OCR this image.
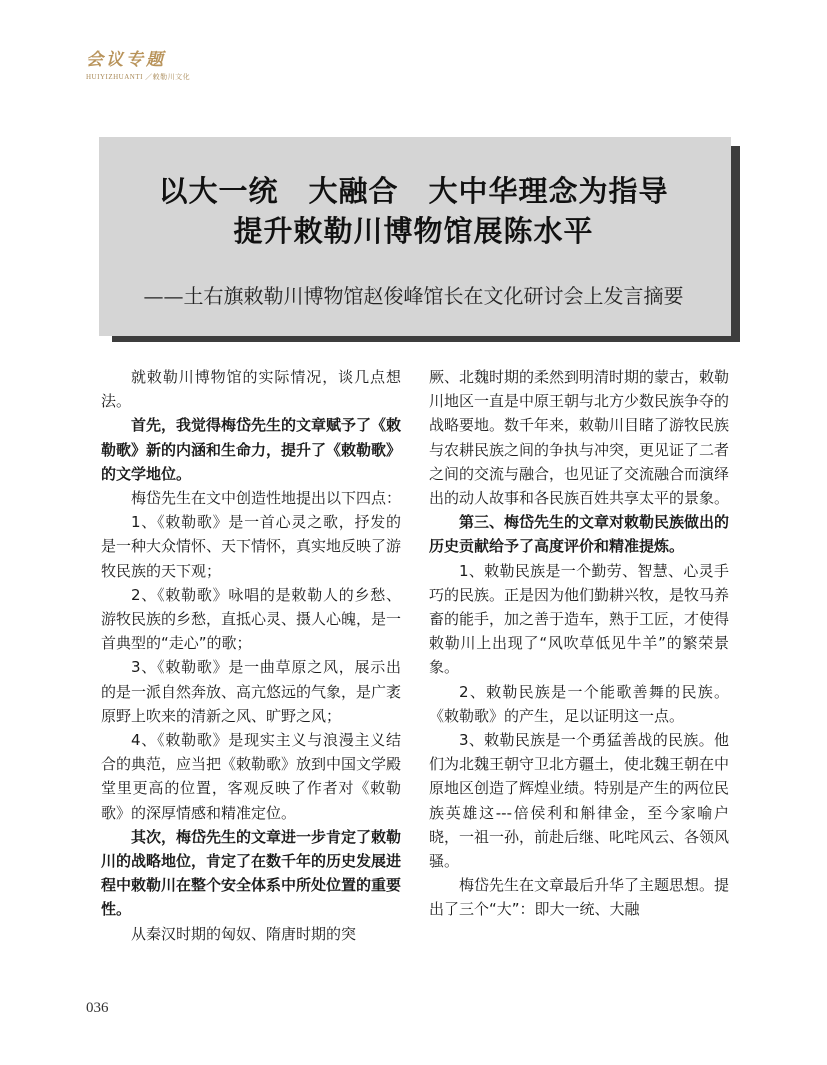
会议专题
HUIYIZHUANTI ／敕勒川文化
以大一统　大融合　大中华理念为指导
提升敕勒川博物馆展陈水平
——土右旗敕勒川博物馆赵俊峰馆长在文化研讨会上发言摘要

就敕勒川博物馆的实际情况，谈几点想法。

首先，我觉得梅岱先生的文章赋予了《敕勒歌》新的内涵和生命力，提升了《敕勒歌》的文学地位。

梅岱先生在文中创造性地提出以下四点：

1、《敕勒歌》是一首心灵之歌，抒发的是一种大众情怀、天下情怀，真实地反映了游牧民族的天下观；

2、《敕勒歌》咏唱的是敕勒人的乡愁、游牧民族的乡愁，直抵心灵、摄人心魄，是一首典型的“走心”的歌；

3、《敕勒歌》是一曲草原之风，展示出的是一派自然奔放、高亢悠远的气象，是广袤原野上吹来的清新之风、旷野之风；

4、《敕勒歌》是现实主义与浪漫主义结合的典范，应当把《敕勒歌》放到中国文学殿堂里更高的位置，客观反映了作者对《敕勒歌》的深厚情感和精准定位。

其次，梅岱先生的文章进一步肯定了敕勒川的战略地位，肯定了在数千年的历史发展进程中敕勒川在整个安全体系中所处位置的重要性。

从秦汉时期的匈奴、隋唐时期的突

厥、北魏时期的柔然到明清时期的蒙古，敕勒川地区一直是中原王朝与北方少数民族争夺的战略要地。数千年来，敕勒川目睹了游牧民族与农耕民族之间的争执与冲突，更见证了二者之间的交流与融合，也见证了交流融合而演绎出的动人故事和各民族百姓共享太平的景象。

第三、梅岱先生的文章对敕勒民族做出的历史贡献给予了高度评价和精准提炼。

1、敕勒民族是一个勤劳、智慧、心灵手巧的民族。正是因为他们勤耕兴牧，是牧马养畜的能手，加之善于造车，熟于工匠，才使得敕勒川上出现了“风吹草低见牛羊”的繁荣景象。

2、敕勒民族是一个能歌善舞的民族。《敕勒歌》的产生，足以证明这一点。

3、敕勒民族是一个勇猛善战的民族。他们为北魏王朝守卫北方疆土，使北魏王朝在中原地区创造了辉煌业绩。特别是产生的两位民族英雄这---倍侯利和斛律金，至今家喻户晓，一祖一孙，前赴后继、叱咤风云、各领风骚。

梅岱先生在文章最后升华了主题思想。提出了三个“大”：即大一统、大融

036
